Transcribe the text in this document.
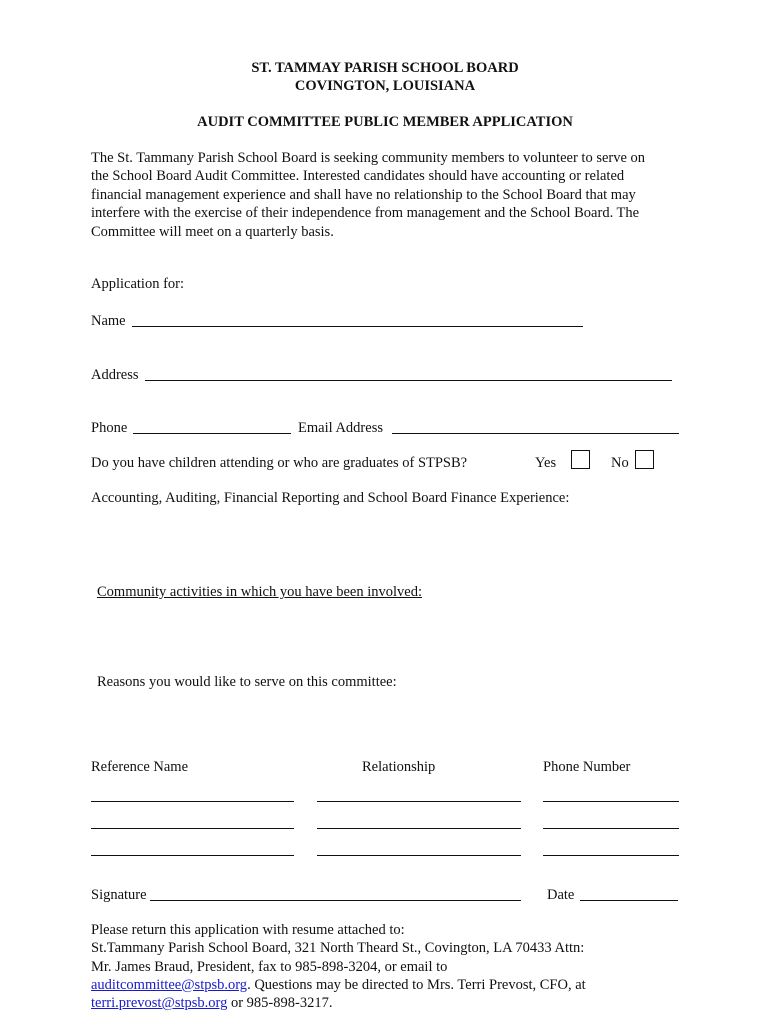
ST. TAMMAY PARISH SCHOOL BOARD
COVINGTON, LOUISIANA
AUDIT COMMITTEE PUBLIC MEMBER APPLICATION
The St. Tammany Parish School Board is seeking community members to volunteer to serve on
the School Board Audit Committee. Interested candidates should have accounting or related
financial management experience and shall have no relationship to the School Board that may
interfere with the exercise of their independence from management and the School Board. The
Committee will meet on a quarterly basis.
Application for:
Name
Address
Phone	Email Address
Do you have children attending or who are graduates of STPSB?	Yes	No
Accounting, Auditing, Financial Reporting and School Board Finance Experience:
Community activities in which you have been involved:
Reasons you would like to serve on this committee:
Reference Name	Relationship	Phone Number
Signature	Date
Please return this application with resume attached to:
St.Tammany Parish School Board, 321 North Theard St., Covington, LA 70433 Attn:
Mr. James Braud, President, fax to 985-898-3204, or email to
auditcommittee@stpsb.org. Questions may be directed to Mrs. Terri Prevost, CFO, at
terri.prevost@stpsb.org or 985-898-3217.
